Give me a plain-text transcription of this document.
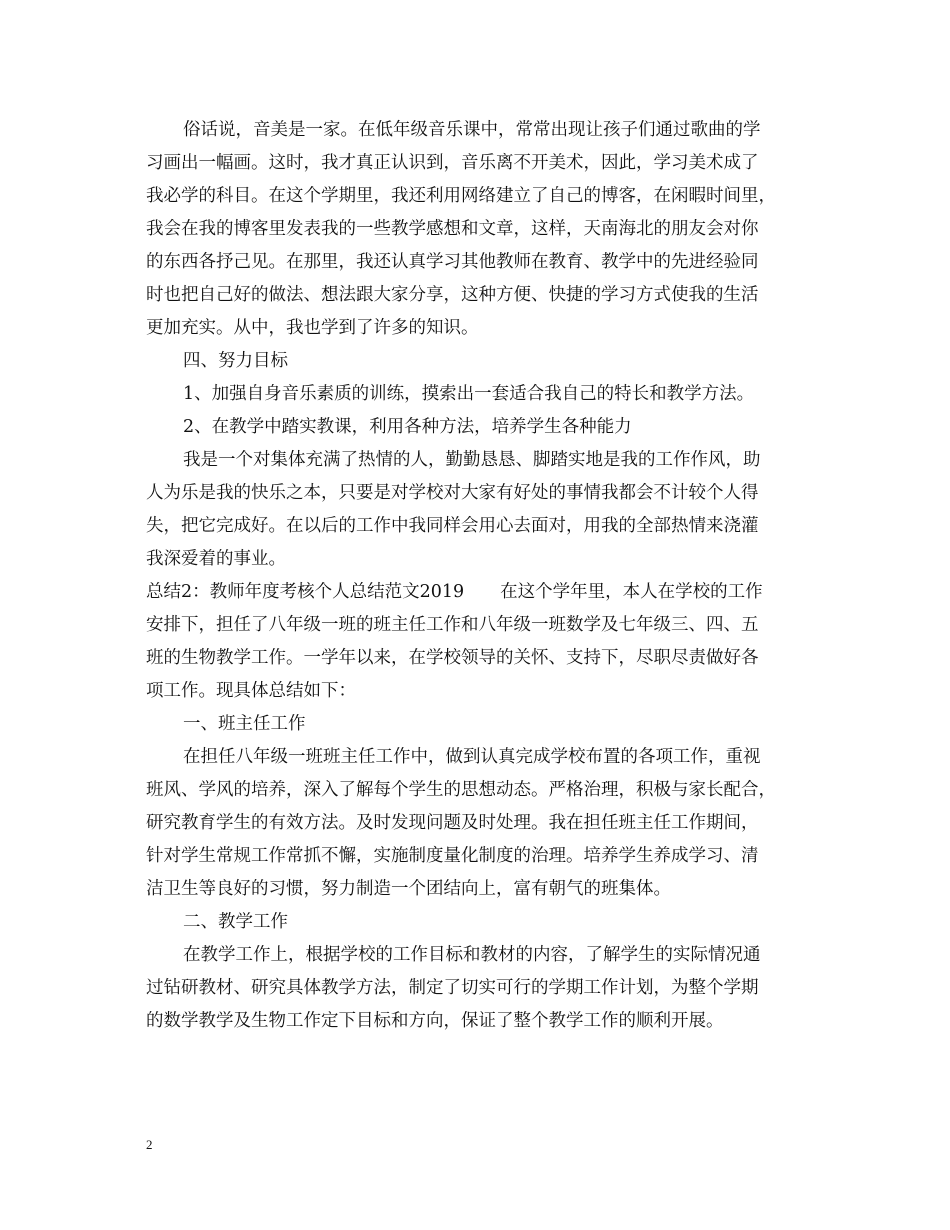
俗话说，音美是一家。在低年级音乐课中，常常出现让孩子们通过歌曲的学
习画出一幅画。这时，我才真正认识到，音乐离不开美术，因此，学习美术成了
我必学的科目。在这个学期里，我还利用网络建立了自己的博客，在闲暇时间里，
我会在我的博客里发表我的一些教学感想和文章，这样，天南海北的朋友会对你
的东西各抒己见。在那里，我还认真学习其他教师在教育、教学中的先进经验同
时也把自己好的做法、想法跟大家分享，这种方便、快捷的学习方式使我的生活
更加充实。从中，我也学到了许多的知识。
四、努力目标
1、加强自身音乐素质的训练，摸索出一套适合我自己的特长和教学方法。
2、在教学中踏实教课，利用各种方法，培养学生各种能力
我是一个对集体充满了热情的人，勤勤恳恳、脚踏实地是我的工作作风，助
人为乐是我的快乐之本，只要是对学校对大家有好处的事情我都会不计较个人得
失，把它完成好。在以后的工作中我同样会用心去面对，用我的全部热情来浇灌
我深爱着的事业。
总结2：教师年度考核个人总结范文2019 在这个学年里，本人在学校的工作
安排下，担任了八年级一班的班主任工作和八年级一班数学及七年级三、四、五
班的生物教学工作。一学年以来，在学校领导的关怀、支持下，尽职尽责做好各
项工作。现具体总结如下：
一、班主任工作
在担任八年级一班班主任工作中，做到认真完成学校布置的各项工作，重视
班风、学风的培养，深入了解每个学生的思想动态。严格治理，积极与家长配合，
研究教育学生的有效方法。及时发现问题及时处理。我在担任班主任工作期间，
针对学生常规工作常抓不懈，实施制度量化制度的治理。培养学生养成学习、清
洁卫生等良好的习惯，努力制造一个团结向上，富有朝气的班集体。
二、教学工作
在教学工作上，根据学校的工作目标和教材的内容，了解学生的实际情况通
过钻研教材、研究具体教学方法，制定了切实可行的学期工作计划，为整个学期
的数学教学及生物工作定下目标和方向，保证了整个教学工作的顺利开展。
2
